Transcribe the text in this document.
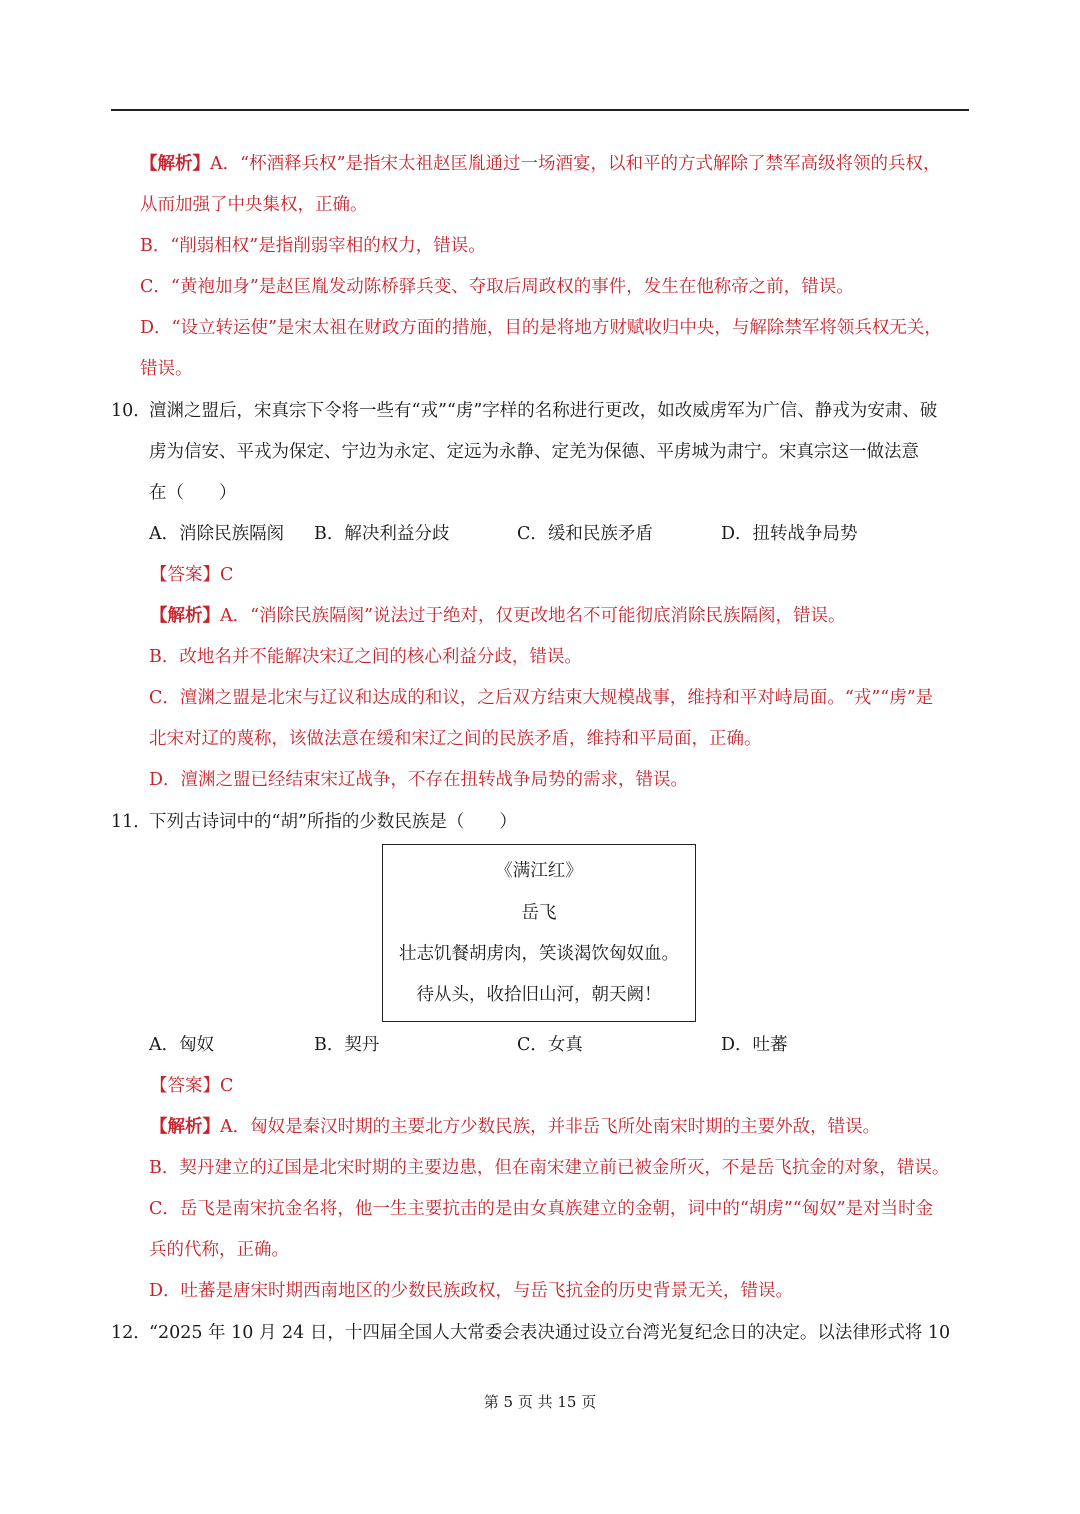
【解析】A．“杯酒释兵权”是指宋太祖赵匡胤通过一场酒宴，以和平的方式解除了禁军高级将领的兵权，
从而加强了中央集权，正确。
B．“削弱相权”是指削弱宰相的权力，错误。
C．“黄袍加身”是赵匡胤发动陈桥驿兵变、夺取后周政权的事件，发生在他称帝之前，错误。
D．“设立转运使”是宋太祖在财政方面的措施，目的是将地方财赋收归中央，与解除禁军将领兵权无关，
错误。
10．
澶渊之盟后，宋真宗下令将一些有“戎”“虏”字样的名称进行更改，如改威虏军为广信、静戎为安肃、破
虏为信安、平戎为保定、宁边为永定、定远为永静、定羌为保德、平虏城为肃宁。宋真宗这一做法意
在（　　）
A．消除民族隔阂 B．解决利益分歧	C．缓和民族矛盾	D．扭转战争局势
【答案】C
【解析】A．“消除民族隔阂”说法过于绝对，仅更改地名不可能彻底消除民族隔阂，错误。
B．改地名并不能解决宋辽之间的核心利益分歧，错误。
C．澶渊之盟是北宋与辽议和达成的和议，之后双方结束大规模战事，维持和平对峙局面。“戎”“虏”是
北宋对辽的蔑称，该做法意在缓和宋辽之间的民族矛盾，维持和平局面，正确。
D．澶渊之盟已经结束宋辽战争，不存在扭转战争局势的需求，错误。
11．
下列古诗词中的“胡”所指的少数民族是（　　）
《满江红》
岳飞
壮志饥餐胡虏肉，笑谈渴饮匈奴血。
待从头，收拾旧山河，朝天阙！
A．匈奴	B．契丹	C．女真	D．吐蕃
【答案】C
【解析】A．匈奴是秦汉时期的主要北方少数民族，并非岳飞所处南宋时期的主要外敌，错误。
B．契丹建立的辽国是北宋时期的主要边患，但在南宋建立前已被金所灭，不是岳飞抗金的对象，错误。
C．岳飞是南宋抗金名将，他一生主要抗击的是由女真族建立的金朝，词中的“胡虏”“匈奴”是对当时金
兵的代称，正确。
D．吐蕃是唐宋时期西南地区的少数民族政权，与岳飞抗金的历史背景无关，错误。
12．
“2025 年 10 月 24 日，十四届全国人大常委会表决通过设立台湾光复纪念日的决定。以法律形式将 10
第 5 页 共 15 页
